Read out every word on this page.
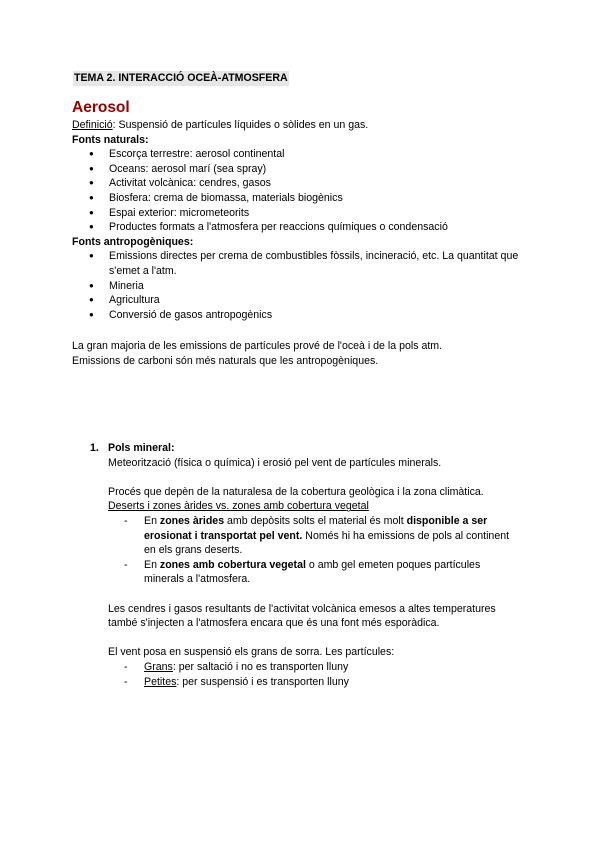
TEMA 2. INTERACCIÓ OCEÀ-ATMOSFERA
Aerosol

Definició: Suspensió de partícules líquides o sòlides en un gas.

Fonts naturals:

● Escorça terrestre: aerosol continental
● Oceans: aerosol marí (sea spray)
● Activitat volcànica: cendres, gasos
● Biosfera: crema de biomassa, materials biogènics
● Espai exterior: micrometeorits
● Productes formats a l'atmosfera per reaccions químiques o condensació

Fonts antropogèniques:

● Emissions directes per crema de combustibles fòssils, incineració, etc. La quantitat que s'emet a l'atm.
● Mineria
● Agricultura
● Conversió de gasos antropogènics

La gran majoria de les emissions de partícules prové de l'oceà i de la pols atm.

Emissions de carboni són més naturals que les antropogèniques.

1. Pols mineral:

Meteorització (física o química) i erosió pel vent de partícules minerals.

Procés que depèn de la naturalesa de la cobertura geològica i la zona climàtica.

Deserts i zones àrides vs. zones amb cobertura vegetal

- En zones àrides amb depòsits solts el material és molt disponible a ser erosionat i transportat pel vent. Només hi ha emissions de pols al continent en els grans deserts.
- En zones amb cobertura vegetal o amb gel emeten poques partícules minerals a l'atmosfera.

Les cendres i gasos resultants de l'activitat volcànica emesos a altes temperatures també s'injecten a l'atmosfera encara que és una font més esporàdica.

El vent posa en suspensió els grans de sorra. Les partícules:

- Grans: per saltació i no es transporten lluny
- Petites: per suspensió i es transporten lluny
